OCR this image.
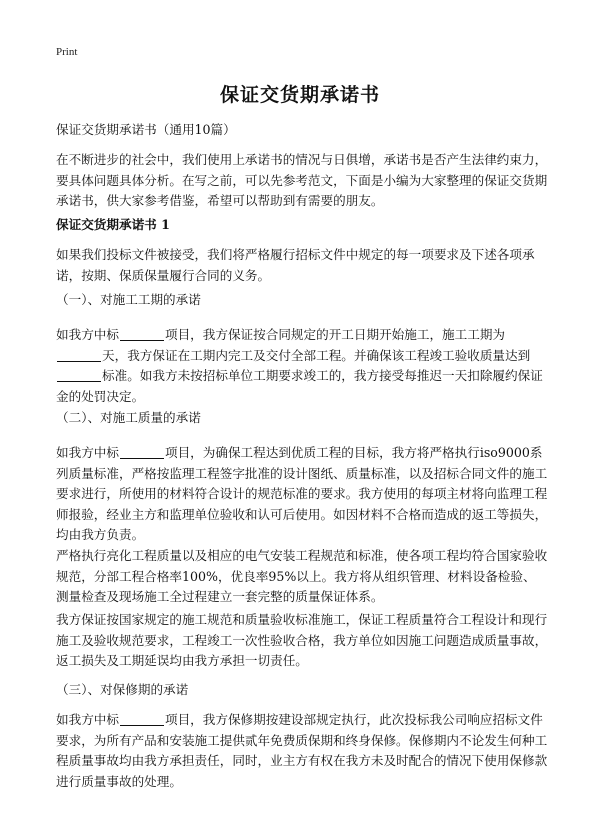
Print
保证交货期承诺书

保证交货期承诺书（通用10篇）

在不断进步的社会中，我们使用上承诺书的情况与日俱增，承诺书是否产生法律约束力，要具体问题具体分析。在写之前，可以先参考范文，下面是小编为大家整理的保证交货期承诺书，供大家参考借鉴，希望可以帮助到有需要的朋友。

保证交货期承诺书 1

如果我们投标文件被接受，我们将严格履行招标文件中规定的每一项要求及下述各项承诺，按期、保质保量履行合同的义务。

（一）、对施工工期的承诺

如我方中标	项目，我方保证按合同规定的开工日期开始施工，施工工期为天，我方保证在工期内完工及交付全部工程。并确保该工程竣工验收质量达到标准。如我方未按招标单位工期要求竣工的，我方接受每推迟一天扣除履约保证金的处罚决定。

（二）、对施工质量的承诺

如我方中标	项目，为确保工程达到优质工程的目标，我方将严格执行iso9000系列质量标准，严格按监理工程签字批准的设计图纸、质量标准，以及招标合同文件的施工要求进行，所使用的材料符合设计的规范标准的要求。我方使用的每项主材将向监理工程师报验，经业主方和监理单位验收和认可后使用。如因材料不合格而造成的返工等损失，均由我方负责。

严格执行亮化工程质量以及相应的电气安装工程规范和标准，使各项工程均符合国家验收规范，分部工程合格率100%，优良率95%以上。我方将从组织管理、材料设备检验、测量检查及现场施工全过程建立一套完整的质量保证体系。

我方保证按国家规定的施工规范和质量验收标准施工，保证工程质量符合工程设计和现行施工及验收规范要求，工程竣工一次性验收合格，我方单位如因施工问题造成质量事故，返工损失及工期延误均由我方承担一切责任。

（三）、对保修期的承诺

如我方中标	项目，我方保修期按建设部规定执行，此次投标我公司响应招标文件要求，为所有产品和安装施工提供贰年免费质保期和终身保修。保修期内不论发生何种工程质量事故均由我方承担责任，同时，业主方有权在我方未及时配合的情况下使用保修款进行质量事故的处理。
